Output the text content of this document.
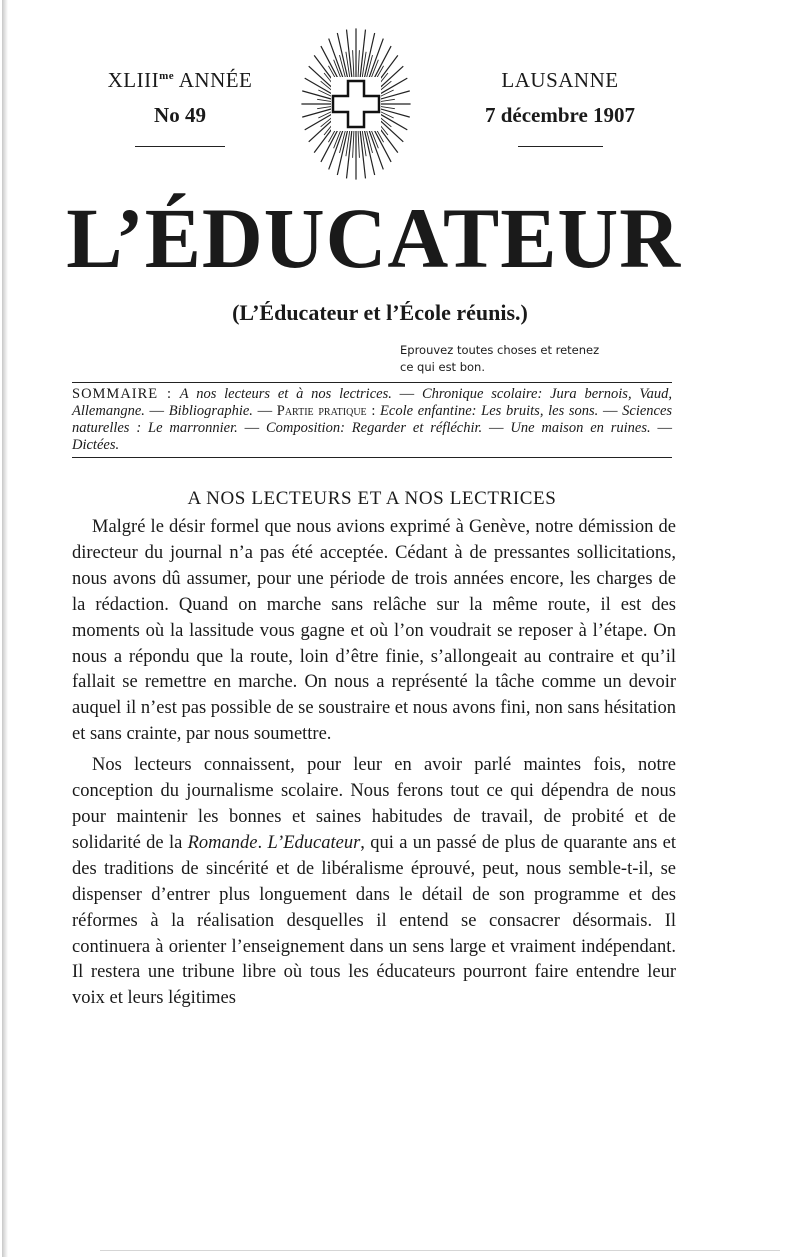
$XLIII^{me}$ ANNÉE
No 49
LAUSANNE
7 décembre 1907
L’ÉDUCATEUR
(L’Éducateur et l’École réunis.)
Eprouvez toutes choses et retenez
ce qui est bon.
SOMMAIRE : A nos lecteurs et à nos lectrices. — Chronique scolaire: Jura bernois, Vaud, Allemangne. — Bibliographie. — Partie pratique : Ecole enfantine: Les bruits, les sons. — Sciences naturelles : Le marronnier. — Composition: Regarder et réfléchir. — Une maison en ruines. — Dictées.
A NOS LECTEURS ET A NOS LECTRICES

Malgré le désir formel que nous avions exprimé à Genève, notre démission de directeur du journal n’a pas été acceptée. Cédant à de pressantes sollicitations, nous avons dû assumer, pour une période de trois années encore, les charges de la rédaction. Quand on marche sans relâche sur la même route, il est des moments où la lassitude vous gagne et où l’on voudrait se reposer à l’étape. On nous a répondu que la route, loin d’être finie, s’allongeait au contraire et qu’il fallait se remettre en marche. On nous a représenté la tâche comme un devoir auquel il n’est pas possible de se soustraire et nous avons fini, non sans hésitation et sans crainte, par nous soumettre.

Nos lecteurs connaissent, pour leur en avoir parlé maintes fois, notre conception du journalisme scolaire. Nous ferons tout ce qui dépendra de nous pour maintenir les bonnes et saines habitudes de travail, de probité et de solidarité de la Romande. L’Educateur, qui a un passé de plus de quarante ans et des traditions de sincérité et de libéralisme éprouvé, peut, nous semble-t-il, se dispenser d’entrer plus longuement dans le détail de son programme et des réformes à la réalisation desquelles il entend se consacrer désormais. Il continuera à orienter l’enseignement dans un sens large et vraiment indépendant. Il restera une tribune libre où tous les éducateurs pourront faire entendre leur voix et leurs légitimes
